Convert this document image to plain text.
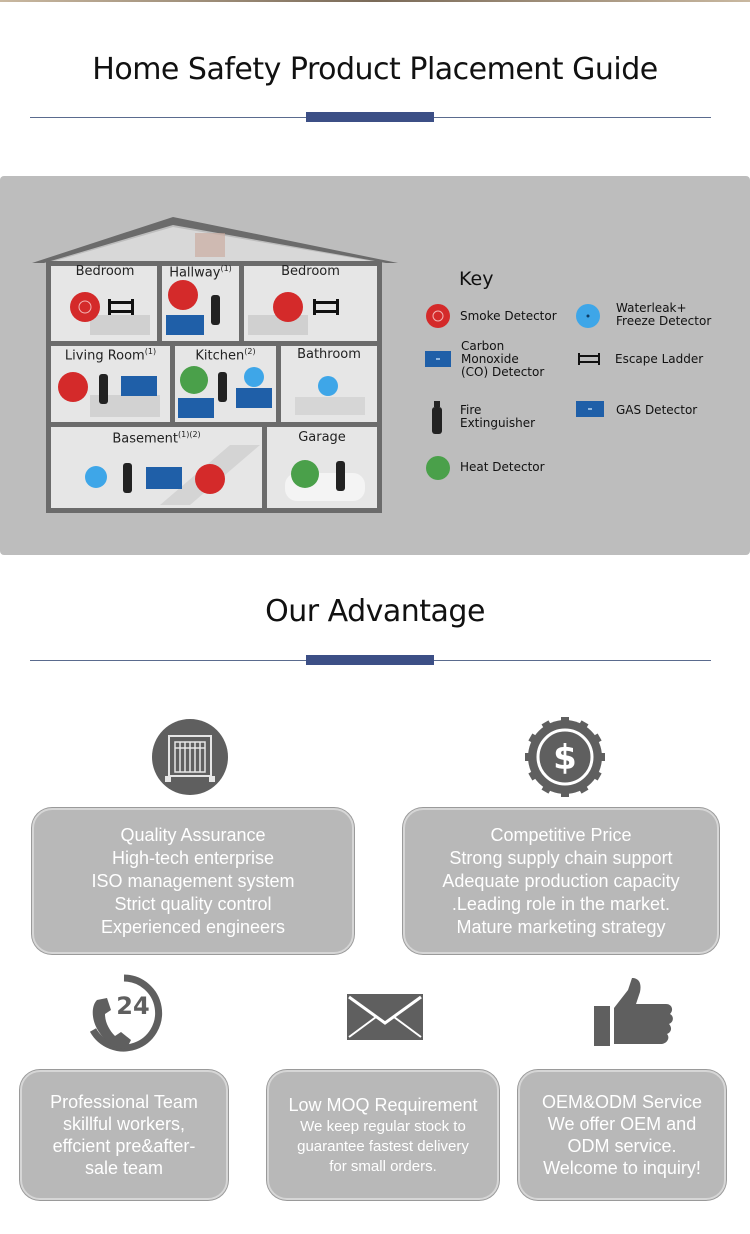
Home Safety Product Placement Guide
Bedroom	Hallway$^{(1)}$	Bedroom
Living Room$^{(1)}$	Kitchen$^{(2)}$	Bathroom
Basement$^{(1)(2)}$	Garage
Key
Smoke Detector
Waterleak+
Freeze Detector
Carbon
Monoxide
(CO) Detector
Escape Ladder
Fire
Extinguisher
GAS Detector
Heat Detector
Our Advantage
$
Quality Assurance
High-tech enterprise
ISO management system
Strict quality control
Experienced engineers
Competitive Price
Strong supply chain support
Adequate production capacity
.Leading role in the market.
Mature marketing strategy
24
Professional Team
skillful workers,
effcient pre&after-
sale team
Low MOQ Requirement
We keep regular stock to
guarantee fastest delivery
for small orders.
OEM&ODM Service
We offer OEM and
ODM service.
Welcome to inquiry!
